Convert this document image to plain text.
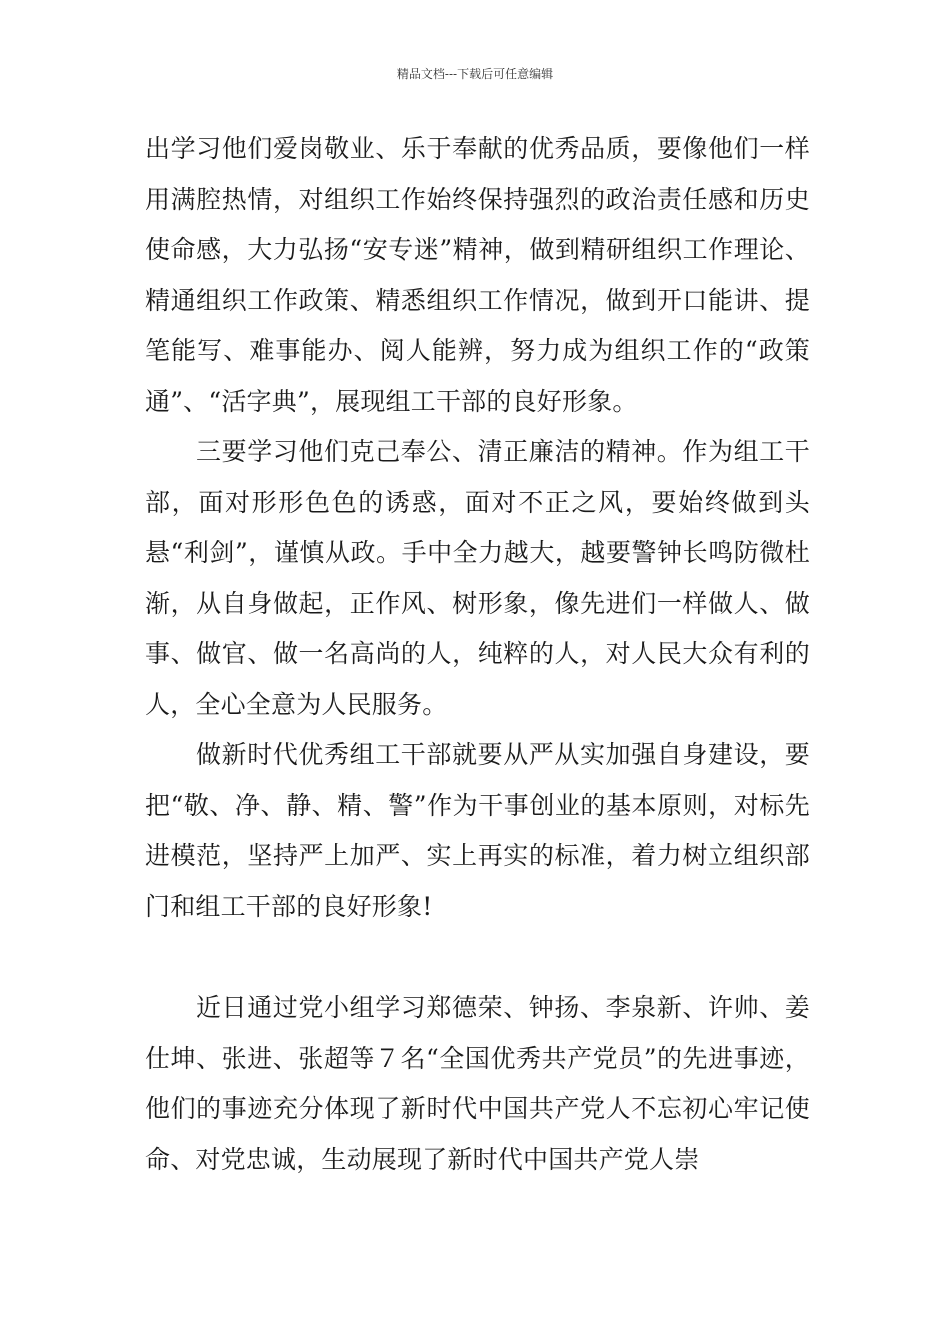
精品文档---下载后可任意编辑

出学习他们爱岗敬业、乐于奉献的优秀品质，要像他们一样用满腔热情，对组织工作始终保持强烈的政治责任感和历史使命感，大力弘扬“安专迷”精神，做到精研组织工作理论、精通组织工作政策、精悉组织工作情况，做到开口能讲、提笔能写、难事能办、阅人能辨，努力成为组织工作的“政策通”、“活字典”，展现组工干部的良好形象。

三要学习他们克己奉公、清正廉洁的精神。作为组工干部，面对形形色色的诱惑，面对不正之风，要始终做到头悬“利剑”，谨慎从政。手中全力越大，越要警钟长鸣防微杜渐，从自身做起，正作风、树形象，像先进们一样做人、做事、做官、做一名高尚的人，纯粹的人，对人民大众有利的人，全心全意为人民服务。

做新时代优秀组工干部就要从严从实加强自身建设，要把“敬、净、静、精、警”作为干事创业的基本原则，对标先进模范，坚持严上加严、实上再实的标准，着力树立组织部门和组工干部的良好形象!

近日通过党小组学习郑德荣、钟扬、李泉新、许帅、姜仕坤、张进、张超等７名“全国优秀共产党员”的先进事迹，他们的事迹充分体现了新时代中国共产党人不忘初心牢记使命、对党忠诚，生动展现了新时代中国共产党人崇
